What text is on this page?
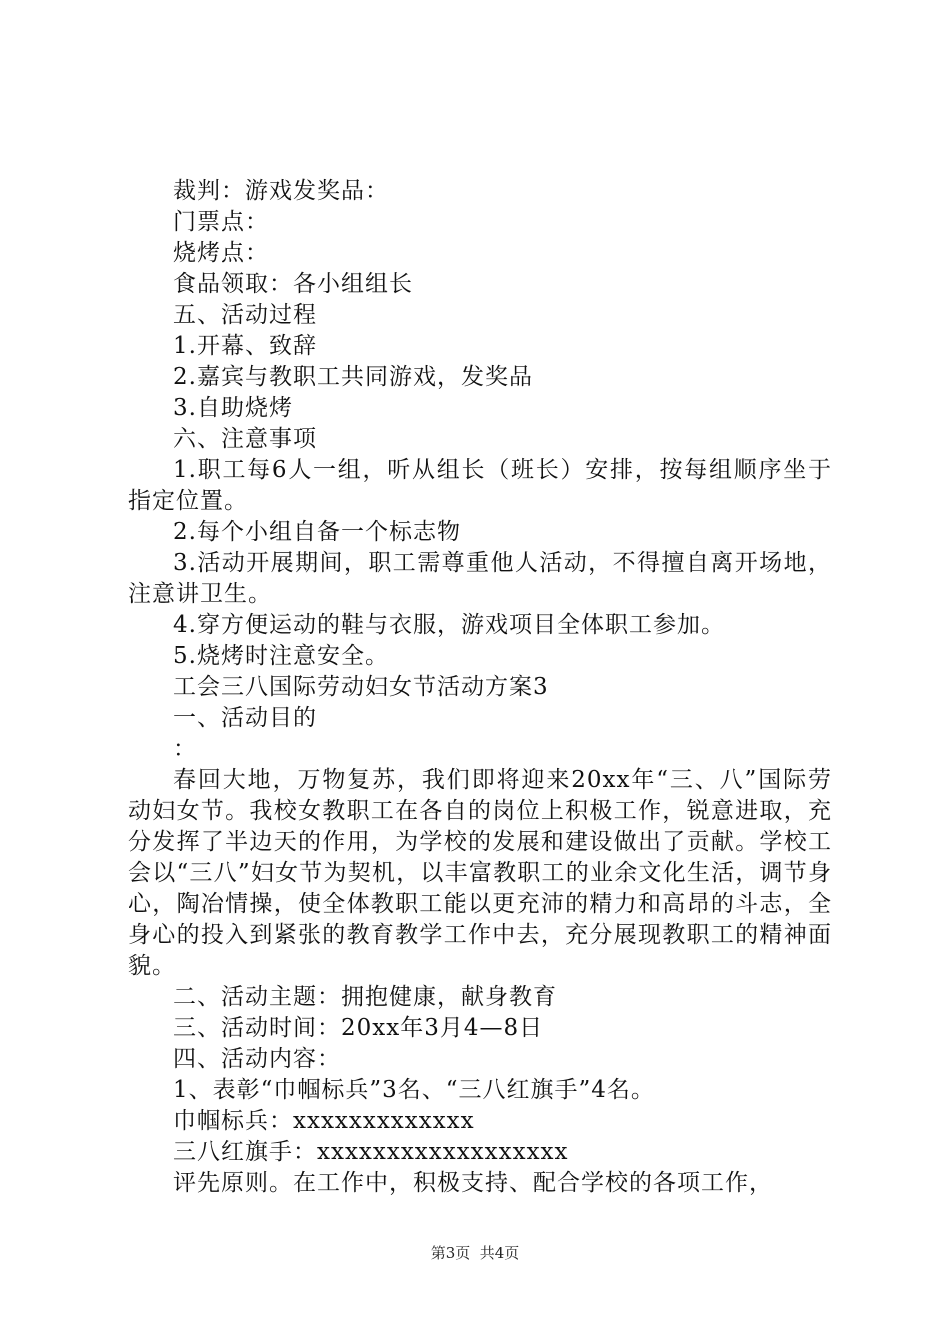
裁判：游戏发奖品：
门票点：
烧烤点：
食品领取：各小组组长
五、活动过程
1.开幕、致辞
2.嘉宾与教职工共同游戏，发奖品
3.自助烧烤
六、注意事项
1.职工每6人一组，听从组长（班长）安排，按每组顺序坐于指定位置。
2.每个小组自备一个标志物
3.活动开展期间，职工需尊重他人活动，不得擅自离开场地，注意讲卫生。
4.穿方便运动的鞋与衣服，游戏项目全体职工参加。
5.烧烤时注意安全。
工会三八国际劳动妇女节活动方案3
一、活动目的
：
春回大地，万物复苏，我们即将迎来20xx年“三、八”国际劳动妇女节。我校女教职工在各自的岗位上积极工作，锐意进取，充分发挥了半边天的作用，为学校的发展和建设做出了贡献。学校工会以“三八”妇女节为契机，以丰富教职工的业余文化生活，调节身心，陶冶情操，使全体教职工能以更充沛的精力和高昂的斗志，全身心的投入到紧张的教育教学工作中去，充分展现教职工的精神面貌。
二、活动主题：拥抱健康，献身教育
三、活动时间：20xx年3月4—8日
四、活动内容：
1、表彰“巾帼标兵”3名、“三八红旗手”4名。
巾帼标兵：xxxxxxxxxxxxx
三八红旗手：xxxxxxxxxxxxxxxxxx
评先原则。在工作中，积极支持、配合学校的各项工作，
第3页  共4页
